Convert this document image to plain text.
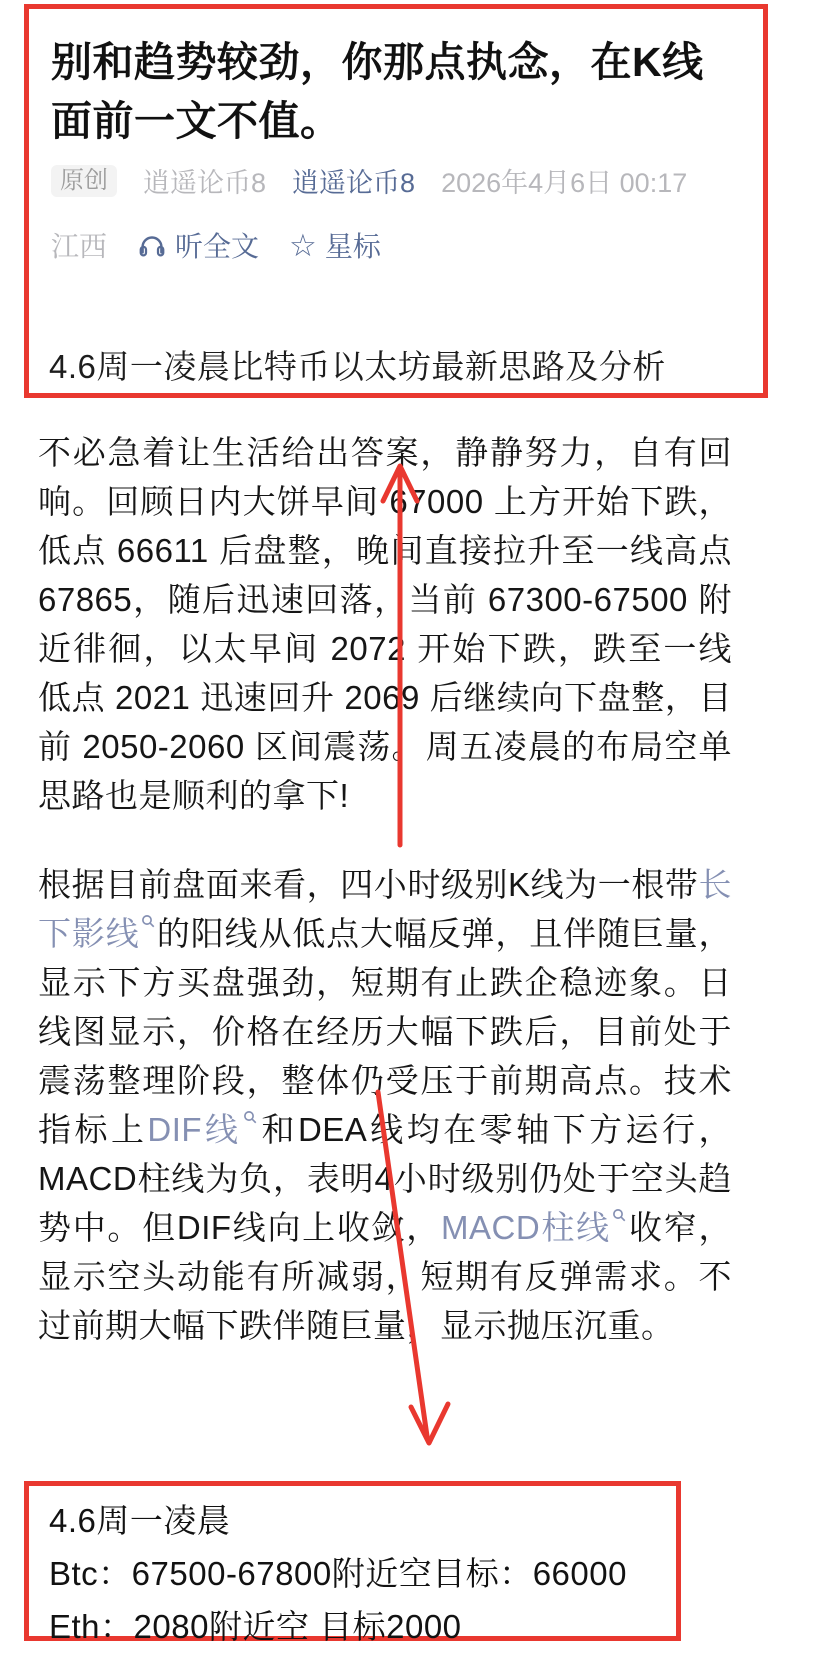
别和趋势较劲，你那点执念，在K线面前一文不值。
原创	逍遥论币8 逍遥论币8 2026年4月6日 00:17
江西 听全文 ☆ 星标
4.6周一凌晨比特币以太坊最新思路及分析

不必急着让生活给出答案，静静努力，自有回响。回顾日内大饼早间 67000 上方开始下跌，低点 66611 后盘整，晚间直接拉升至一线高点 67865，随后迅速回落，当前 67300-67500 附近徘徊，以太早间 2072 开始下跌，跌至一线低点 2021 迅速回升 2069 后继续向下盘整，目前 2050-2060 区间震荡。周五凌晨的布局空单思路也是顺利的拿下!

根据目前盘面来看，四小时级别K线为一根带长下影线 的阳线从低点大幅反弹，且伴随巨量，显示下方买盘强劲，短期有止跌企稳迹象。日线图显示，价格在经历大幅下跌后，目前处于震荡整理阶段，整体仍受压于前期高点。技术指标上DIF线 和DEA线均在零轴下方运行，MACD柱线为负，表明4小时级别仍处于空头趋势中。但DIF线向上收敛，MACD柱线 收窄，显示空头动能有所减弱，短期有反弹需求。不过前期大幅下跌伴随巨量，显示抛压沉重。

4.6周一凌晨
Btc：67500-67800附近空目标：66000
Eth：2080附近空 目标2000
